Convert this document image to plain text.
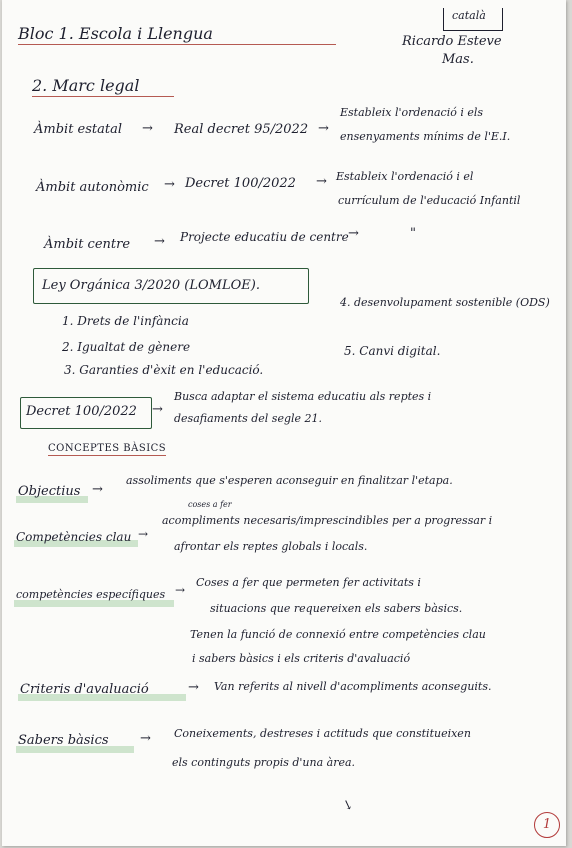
Bloc 1. Escola i Llengua
català
Ricardo Esteve
Mas.
2. Marc legal
Àmbit estatal → Real decret 95/2022 →
Estableix l'ordenació i els
ensenyaments mínims de l'E.I.
Àmbit autonòmic → Decret 100/2022 → Estableix l'ordenació i el
currículum de l'educació Infantil
Àmbit centre → Projecte educatiu de centre →	"
Ley Orgánica 3/2020 (LOMLOE).
1. Drets de l'infància
2. Igualtat de gènere
3. Garanties d'èxit en l'educació.
4. desenvolupament sostenible (ODS)
5. Canvi digital.
Decret 100/2022 →
Busca adaptar el sistema educatiu als reptes i
desafiaments del segle 21.
CONCEPTES BÀSICS
Objectius →
assoliments que s'esperen aconseguir en finalitzar l'etapa.
Competències clau →
coses a fer
acompliments necesaris/imprescindibles per a progressar i
afrontar els reptes globals i locals.
competències específiques →
Coses a fer que permeten fer activitats i
situacions que requereixen els sabers bàsics.
Tenen la funció de connexió entre competències clau
i sabers bàsics i els criteris d'avaluació
Criteris d'avaluació	→ Van referits al nivell d'acompliments aconseguits.
Sabers bàsics → Coneixements, destreses i actituds que constitueixen
els continguts propis d'una àrea.
↘
1
